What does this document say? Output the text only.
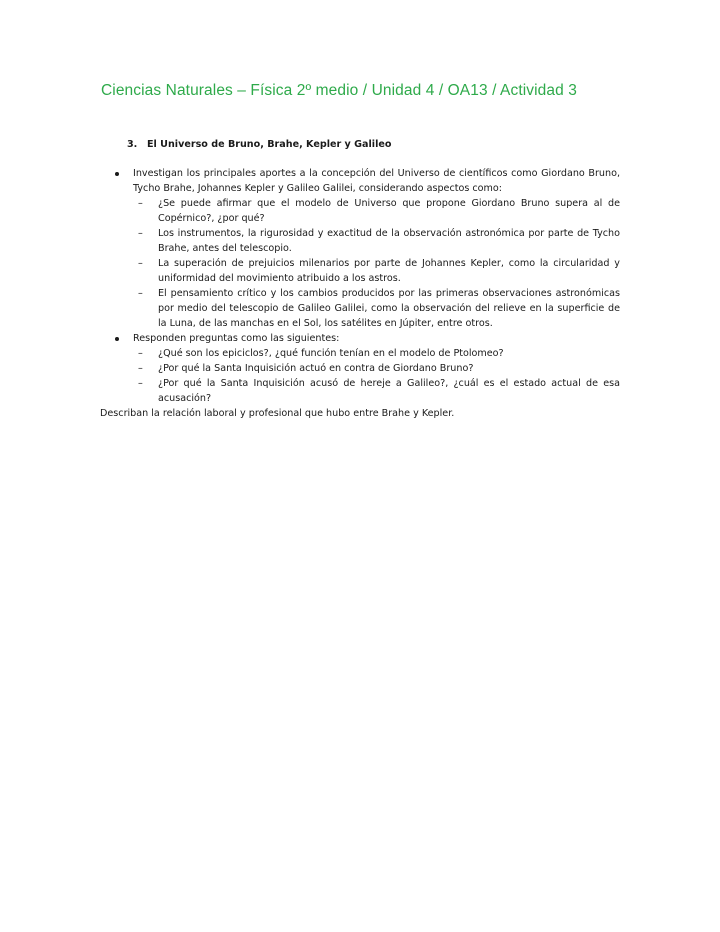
Ciencias Naturales – Física 2º medio / Unidad 4 / OA13 / Actividad 3
3. El Universo de Bruno, Brahe, Kepler y Galileo
Investigan los principales aportes a la concepción del Universo de científicos como Giordano Bruno, Tycho Brahe, Johannes Kepler y Galileo Galilei, considerando aspectos como:
– ¿Se puede afirmar que el modelo de Universo que propone Giordano Bruno supera al de Copérnico?, ¿por qué?
– Los instrumentos, la rigurosidad y exactitud de la observación astronómica por parte de Tycho Brahe, antes del telescopio.
– La superación de prejuicios milenarios por parte de Johannes Kepler, como la circularidad y uniformidad del movimiento atribuido a los astros.
– El pensamiento crítico y los cambios producidos por las primeras observaciones astronómicas por medio del telescopio de Galileo Galilei, como la observación del relieve en la superficie de la Luna, de las manchas en el Sol, los satélites en Júpiter, entre otros.
Responden preguntas como las siguientes:
– ¿Qué son los epiciclos?, ¿qué función tenían en el modelo de Ptolomeo?
– ¿Por qué la Santa Inquisición actuó en contra de Giordano Bruno?
– ¿Por qué la Santa Inquisición acusó de hereje a Galileo?, ¿cuál es el estado actual de esa acusación?
Describan la relación laboral y profesional que hubo entre Brahe y Kepler.
